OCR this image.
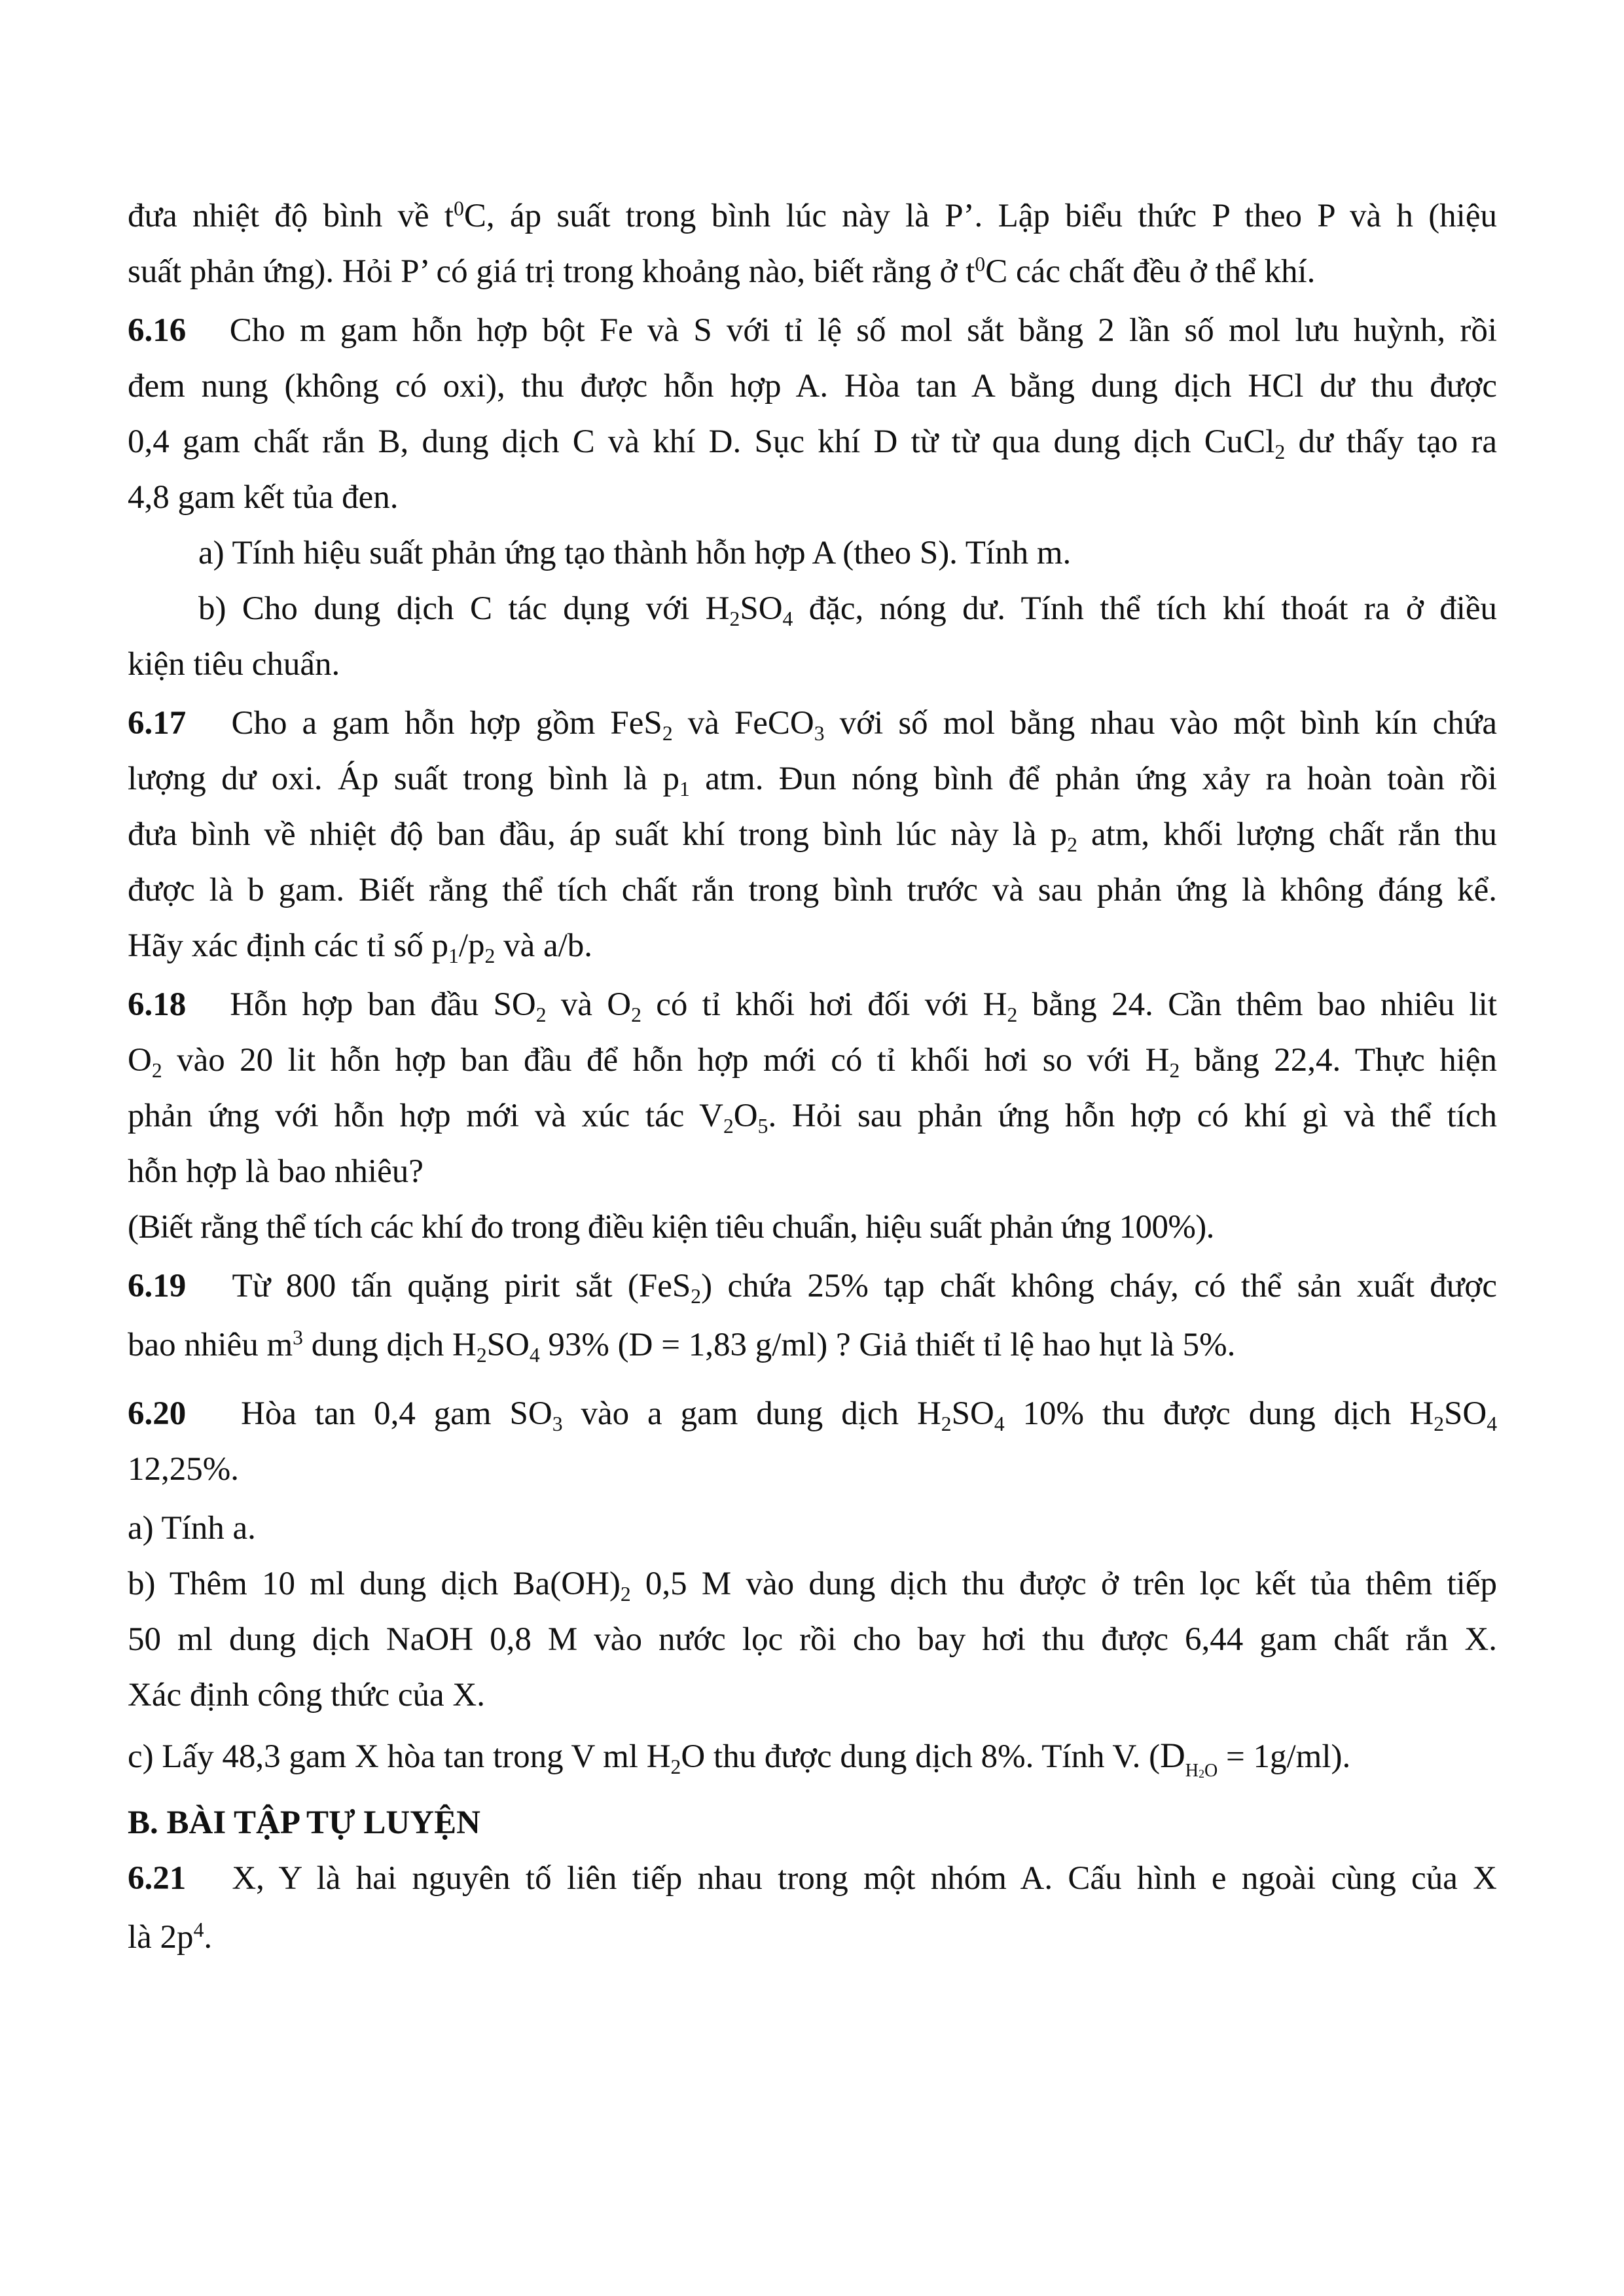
đưa nhiệt độ bình về $t^0C$, áp suất trong bình lúc này là P’. Lập biểu thức P theo P và h (hiệu
suất phản ứng). Hỏi P’ có giá trị trong khoảng nào, biết rằng ở $t^0C$ các chất đều ở thể khí.
6.16 Cho m gam hỗn hợp bột Fe và S với tỉ lệ số mol sắt bằng 2 lần số mol lưu huỳnh, rồi
đem nung (không có oxi), thu được hỗn hợp A. Hòa tan A bằng dung dịch HCl dư thu được
0,4 gam chất rắn B, dung dịch C và khí D. Sục khí D từ từ qua dung dịch CuCl$_2$ dư thấy tạo ra
4,8 gam kết tủa đen.
a) Tính hiệu suất phản ứng tạo thành hỗn hợp A (theo S). Tính m.
b) Cho dung dịch C tác dụng với $H_2SO_4$ đặc, nóng dư. Tính thể tích khí thoát ra ở điều
kiện tiêu chuẩn.
6.17 Cho a gam hỗn hợp gồm FeS$_2$ và FeCO$_3$ với số mol bằng nhau vào một bình kín chứa
lượng dư oxi. Áp suất trong bình là $p_1$ atm. Đun nóng bình để phản ứng xảy ra hoàn toàn rồi
đưa bình về nhiệt độ ban đầu, áp suất khí trong bình lúc này là $p_2$ atm, khối lượng chất rắn thu
được là b gam. Biết rằng thể tích chất rắn trong bình trước và sau phản ứng là không đáng kể.
Hãy xác định các tỉ số $p_1/p_2$ và a/b.
6.18 Hỗn hợp ban đầu $SO_2$ và $O_2$ có tỉ khối hơi đối với $H_2$ bằng 24. Cần thêm bao nhiêu lit
$O_2$ vào 20 lit hỗn hợp ban đầu để hỗn hợp mới có tỉ khối hơi so với $H_2$ bằng 22,4. Thực hiện
phản ứng với hỗn hợp mới và xúc tác $V_2O_5$. Hỏi sau phản ứng hỗn hợp có khí gì và thể tích
hỗn hợp là bao nhiêu?
(Biết rằng thể tích các khí đo trong điều kiện tiêu chuẩn, hiệu suất phản ứng 100%).
6.19 Từ 800 tấn quặng pirit sắt (FeS$_2$) chứa 25% tạp chất không cháy, có thể sản xuất được
bao nhiêu $m^3$ dung dịch $H_2SO_4$ 93% (D = 1,83 g/ml) ? Giả thiết tỉ lệ hao hụt là 5%.
6.20 Hòa tan 0,4 gam $SO_3$ vào a gam dung dịch $H_2SO_4$ 10% thu được dung dịch $H_2SO_4$
12,25%.
a) Tính a.
b) Thêm 10 ml dung dịch $Ba(OH)_2$ 0,5 M vào dung dịch thu được ở trên lọc kết tủa thêm tiếp
50 ml dung dịch NaOH 0,8 M vào nước lọc rồi cho bay hơi thu được 6,44 gam chất rắn X.
Xác định công thức của X.
c) Lấy 48,3 gam X hòa tan trong V ml $H_2O$ thu được dung dịch 8%. Tính V. $(D_{H2O} = 1g/ml)$.
B. BÀI TẬP TỰ LUYỆN
6.21 X, Y là hai nguyên tố liên tiếp nhau trong một nhóm A. Cấu hình e ngoài cùng của X
là $2p^4$.
